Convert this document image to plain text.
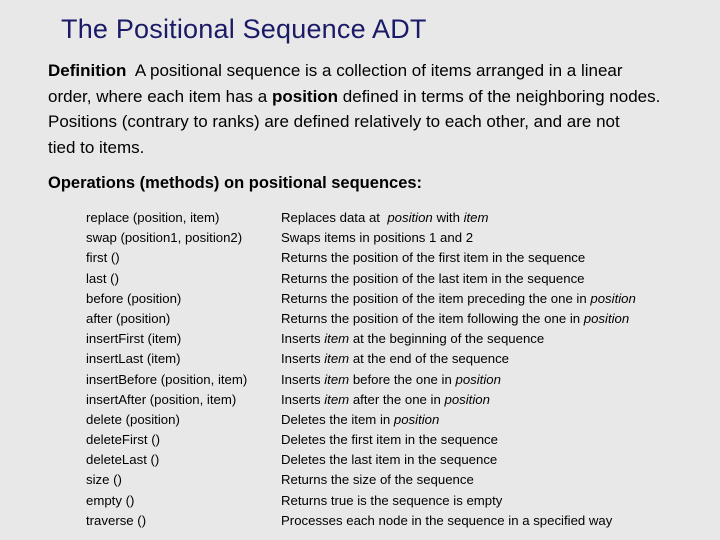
The Positional Sequence ADT
Definition  A positional sequence is a collection of items arranged in a linear
order, where each item has a position defined in terms of the neighboring nodes.
Positions (contrary to ranks) are defined relatively to each other, and are not
tied to items.
Operations (methods) on positional sequences:
replace (position, item)	Replaces data at  position with item
swap (position1, position2)	Swaps items in positions 1 and 2
first ()	Returns the position of the first item in the sequence
last ()	Returns the position of the last item in the sequence
before (position)	Returns the position of the item preceding the one in position
after (position)	Returns the position of the item following the one in position
insertFirst (item)	Inserts item at the beginning of the sequence
insertLast (item)	Inserts item at the end of the sequence
insertBefore (position, item)	Inserts item before the one in position
insertAfter (position, item)	Inserts item after the one in position
delete (position)	Deletes the item in position
deleteFirst ()	Deletes the first item in the sequence
deleteLast ()	Deletes the last item in the sequence
size ()	Returns the size of the sequence
empty ()	Returns true is the sequence is empty
traverse ()	Processes each node in the sequence in a specified way
